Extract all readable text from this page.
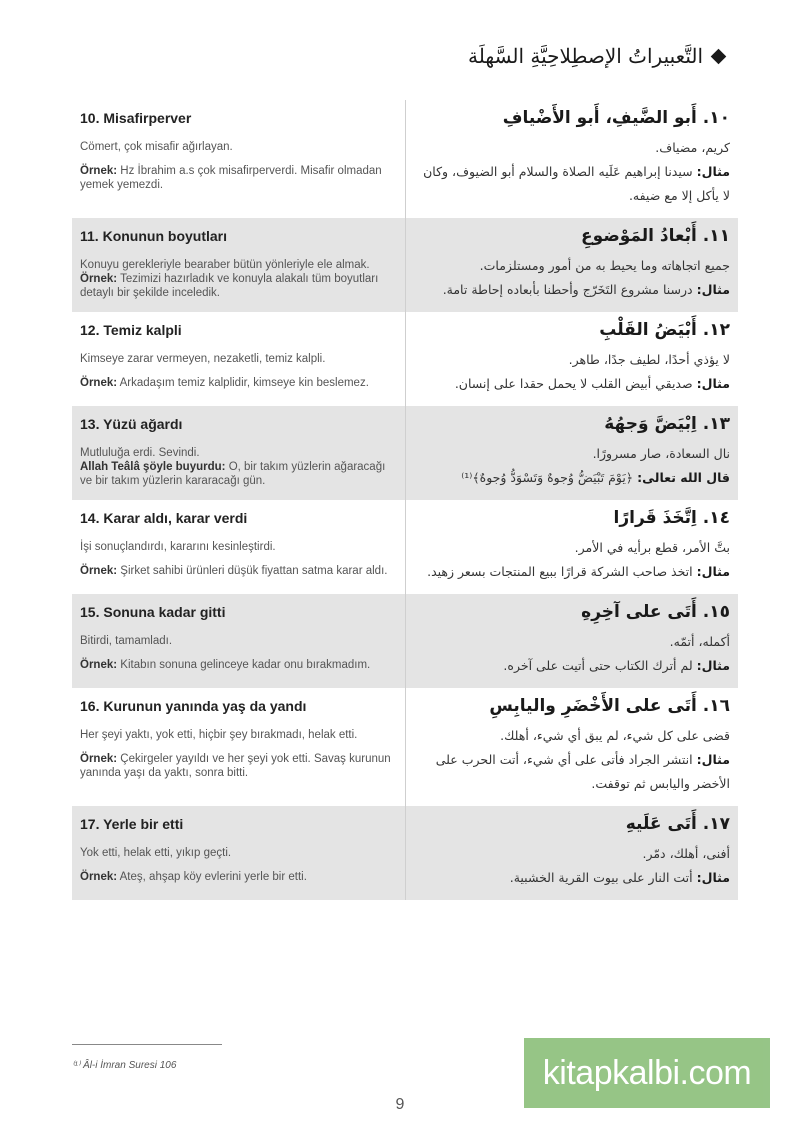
التَّعبيراتُ الإصطِلاحِيَّةِ السَّهلَة
10. Misafirperver
Cömert, çok misafir ağırlayan.
Örnek: Hz İbrahim a.s çok misafirperverdi. Misafir olmadan yemek yemezdi.
١٠. أَبو الضَّيفِ، أَبو الأَضْيافِ
كريم، مضياف.
مثال: سيدنا إبراهيم عَلَيه الصلاة والسلام أبو الضيوف، وكان لا يأكل إلا مع ضيفه.
11. Konunun boyutları
Konuyu gerekleriyle bearaber bütün yönleriyle ele almak.
Örnek: Tezimizi hazırladık ve konuyla alakalı tüm boyutları detaylı bir şekilde inceledik.
١١. أَبْعادُ المَوْضوعِ
جميع اتجاهاته وما يحيط به من أمور ومستلزمات.
مثال: درسنا مشروع التَخَرّج وأحطنا بأبعاده إحاطة تامة.
12. Temiz kalpli
Kimseye zarar vermeyen, nezaketli, temiz kalpli.
Örnek: Arkadaşım temiz kalplidir, kimseye kin beslemez.
١٢. أَبْيَضُ القَلْبِ
لا يؤذي أحدًا، لطيف جدًا، طاهر.
مثال: صديقي أبيض القلب لا يحمل حقدا على إنسان.
13. Yüzü ağardı
Mutluluğa erdi. Sevindi.
Allah Teâlâ şöyle buyurdu: O, bir takım yüzlerin ağaracağı ve bir takım yüzlerin kararacağı gün.
١٣. اِبْيَضَّ وَجهُهُ
نال السعادة، صار مسرورًا.
قال الله تعالى: ﴿يَوْمَ تَبْيَضُّ وُجوهٌ وَتَسْوَدُّ وُجوهٌ﴾⁽¹⁾
14. Karar aldı, karar verdi
İşi sonuçlandırdı, kararını kesinleştirdi.
Örnek: Şirket sahibi ürünleri düşük fiyattan satma karar aldı.
١٤. اِتَّخَذَ قَرارًا
بتَّ الأمر، قطع برأيه في الأمر.
مثال: اتخذ صاحب الشركة قرارًا ببيع المنتجات بسعر زهيد.
15. Sonuna kadar gitti
Bitirdi, tamamladı.
Örnek: Kitabın sonuna gelinceye kadar onu bırakmadım.
١٥. أَتَى على آخِرِهِ
أكمله، أتمّه.
مثال: لم أترك الكتاب حتى أتيت على آخره.
16. Kurunun yanında yaş da yandı
Her şeyi yaktı, yok etti, hiçbir şey bırakmadı, helak etti.
Örnek: Çekirgeler yayıldı ve her şeyi yok etti. Savaş kurunun yanında yaşı da yaktı, sonra bitti.
١٦. أَتَى على الأَخْضَرِ واليابِسِ
قضى على كل شيء، لم يبق أي شيء، أهلك.
مثال: انتشر الجراد فأتى على أي شيء، أتت الحرب على الأخضر واليابس ثم توقفت.
17. Yerle bir etti
Yok etti, helak etti, yıkıp geçti.
Örnek: Ateş, ahşap köy evlerini yerle bir etti.
١٧. أَتَى عَلَيهِ
أفنى، أهلك، دمّر.
مثال: أتت النار على بيوت القرية الخشبية.
⁽¹⁾ Âl-i İmran Suresi 106
9
kitapkalbi.com
